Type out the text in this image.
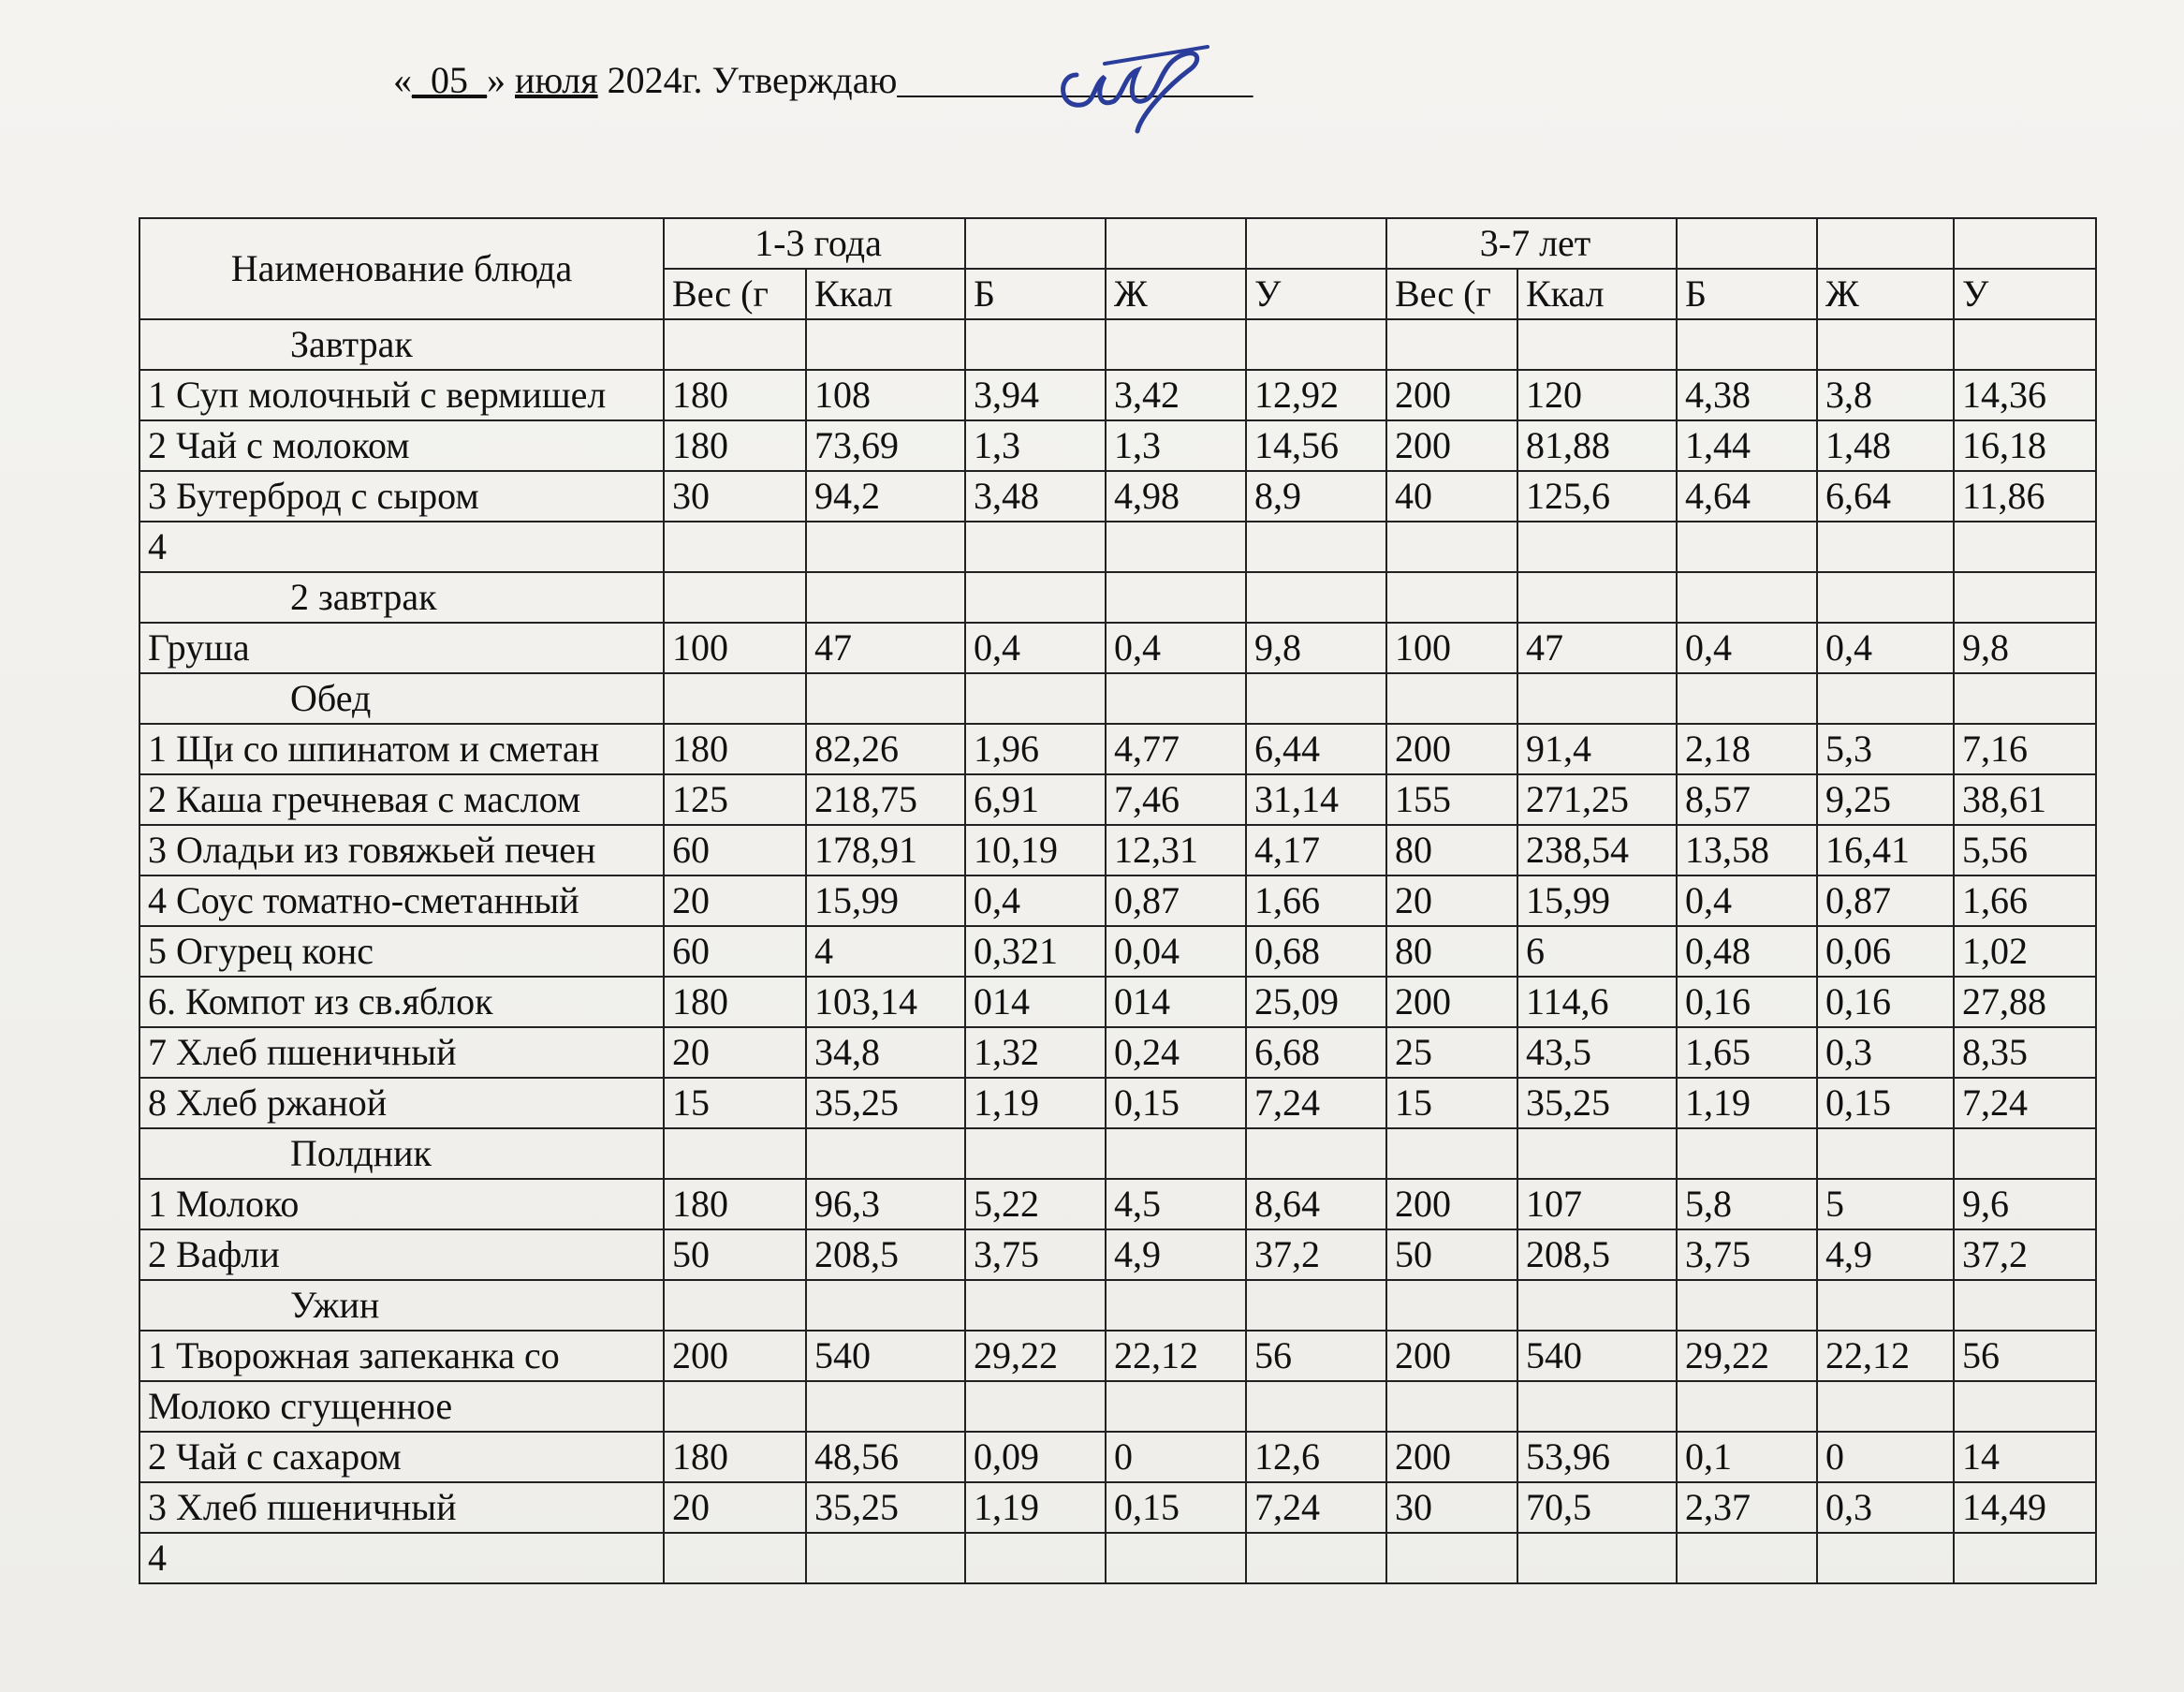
«_05_» июля 2024г. Утверждаю___________________
Наименование блюда	1-3 года					3-7 лет				
	Вес (г	Ккал	Б	Ж	У	Вес (г	Ккал	Б	Ж	У
Завтрак										
1 Суп молочный с вермишел	180	108	3,94	3,42	12,92	200	120	4,38	3,8	14,36
2 Чай с молоком	180	73,69	1,3	1,3	14,56	200	81,88	1,44	1,48	16,18
3 Бутерброд с сыром	30	94,2	3,48	4,98	8,9	40	125,6	4,64	6,64	11,86
4										
2 завтрак										
Груша	100	47	0,4	0,4	9,8	100	47	0,4	0,4	9,8
Обед										
1 Щи со шпинатом и сметан	180	82,26	1,96	4,77	6,44	200	91,4	2,18	5,3	7,16
2 Каша гречневая с маслом	125	218,75	6,91	7,46	31,14	155	271,25	8,57	9,25	38,61
3 Оладьи из говяжьей печен	60	178,91	10,19	12,31	4,17	80	238,54	13,58	16,41	5,56
4 Соус томатно-сметанный	20	15,99	0,4	0,87	1,66	20	15,99	0,4	0,87	1,66
5 Огурец конс	60	4	0,321	0,04	0,68	80	6	0,48	0,06	1,02
6. Компот из св.яблок	180	103,14	014	014	25,09	200	114,6	0,16	0,16	27,88
7 Хлеб пшеничный	20	34,8	1,32	0,24	6,68	25	43,5	1,65	0,3	8,35
8 Хлеб ржаной	15	35,25	1,19	0,15	7,24	15	35,25	1,19	0,15	7,24
Полдник										
1 Молоко	180	96,3	5,22	4,5	8,64	200	107	5,8	5	9,6
2 Вафли	50	208,5	3,75	4,9	37,2	50	208,5	3,75	4,9	37,2
Ужин										
1 Творожная запеканка со	200	540	29,22	22,12	56	200	540	29,22	22,12	56
Молоко сгущенное										
2 Чай с сахаром	180	48,56	0,09	0	12,6	200	53,96	0,1	0	14
3 Хлеб пшеничный	20	35,25	1,19	0,15	7,24	30	70,5	2,37	0,3	14,49
4										
